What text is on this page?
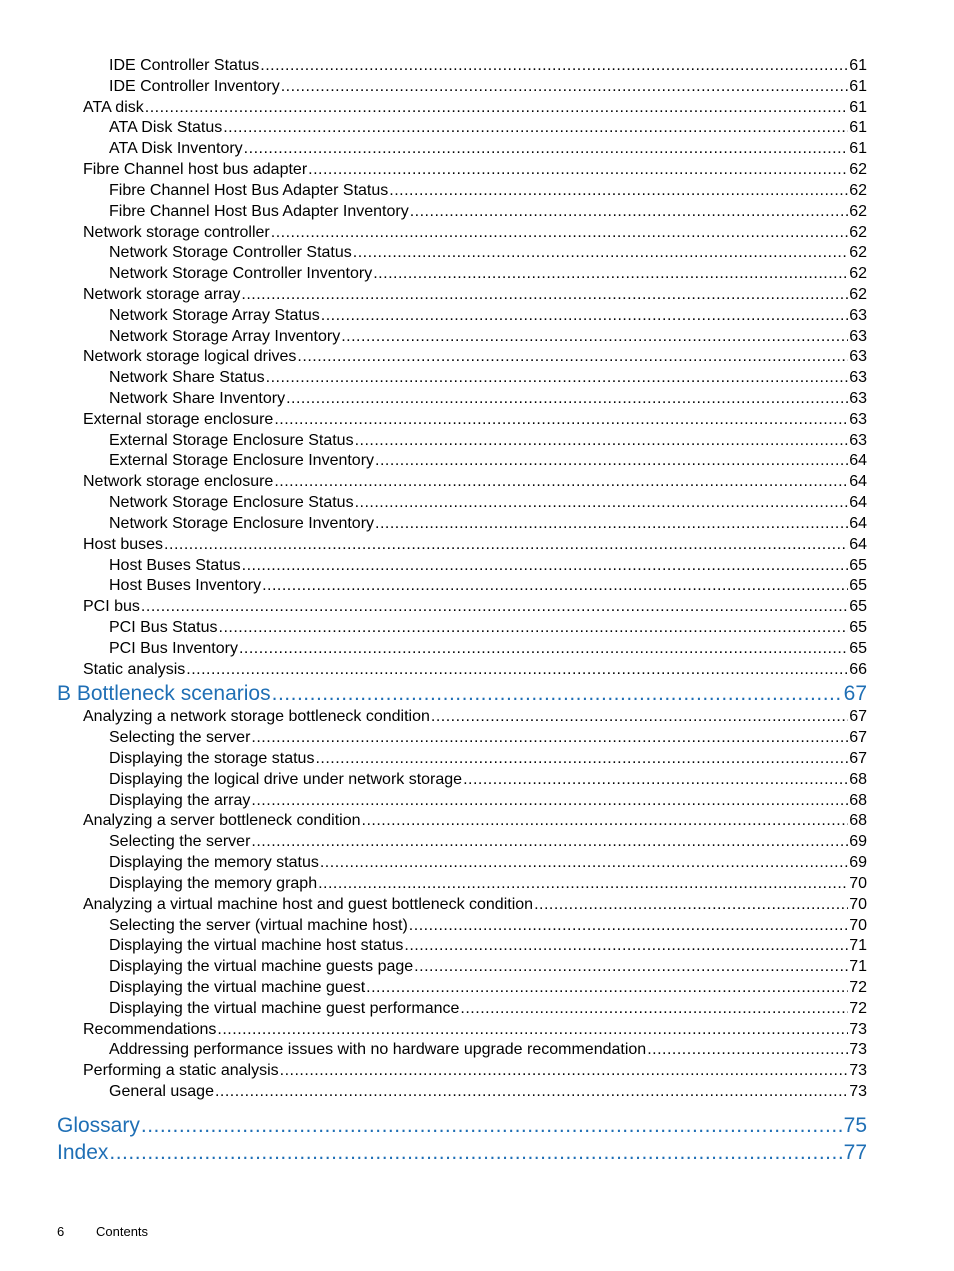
IDE Controller Status .....	61
IDE Controller Inventory .....	61
ATA disk .....	61
ATA Disk Status .....	61
ATA Disk Inventory .....	61
Fibre Channel host bus adapter .....	62
Fibre Channel Host Bus Adapter Status .....	62
Fibre Channel Host Bus Adapter Inventory .....	62
Network storage controller .....	62
Network Storage Controller Status .....	62
Network Storage Controller Inventory .....	62
Network storage array .....	62
Network Storage Array Status .....	63
Network Storage Array Inventory .....	63
Network storage logical drives .....	63
Network Share Status .....	63
Network Share Inventory .....	63
External storage enclosure .....	63
External Storage Enclosure Status .....	63
External Storage Enclosure Inventory .....	64
Network storage enclosure .....	64
Network Storage Enclosure Status .....	64
Network Storage Enclosure Inventory .....	64
Host buses .....	64
Host Buses Status .....	65
Host Buses Inventory .....	65
PCI bus .....	65
PCI Bus Status .....	65
PCI Bus Inventory .....	65
Static analysis .....	66
B Bottleneck scenarios .....	67
Analyzing a network storage bottleneck condition .....	67
Selecting the server .....	67
Displaying the storage status .....	67
Displaying the logical drive under network storage .....	68
Displaying the array .....	68
Analyzing a server bottleneck condition .....	68
Selecting the server .....	69
Displaying the memory status .....	69
Displaying the memory graph .....	70
Analyzing a virtual machine host and guest bottleneck condition .....	70
Selecting the server (virtual machine host) .....	70
Displaying the virtual machine host status .....	71
Displaying the virtual machine guests page .....	71
Displaying the virtual machine guest .....	72
Displaying the virtual machine guest performance .....	72
Recommendations .....	73
Addressing performance issues with no hardware upgrade recommendation .....	73
Performing a static analysis .....	73
General usage .....	73
Glossary .....	75
Index .....	77
6 Contents
